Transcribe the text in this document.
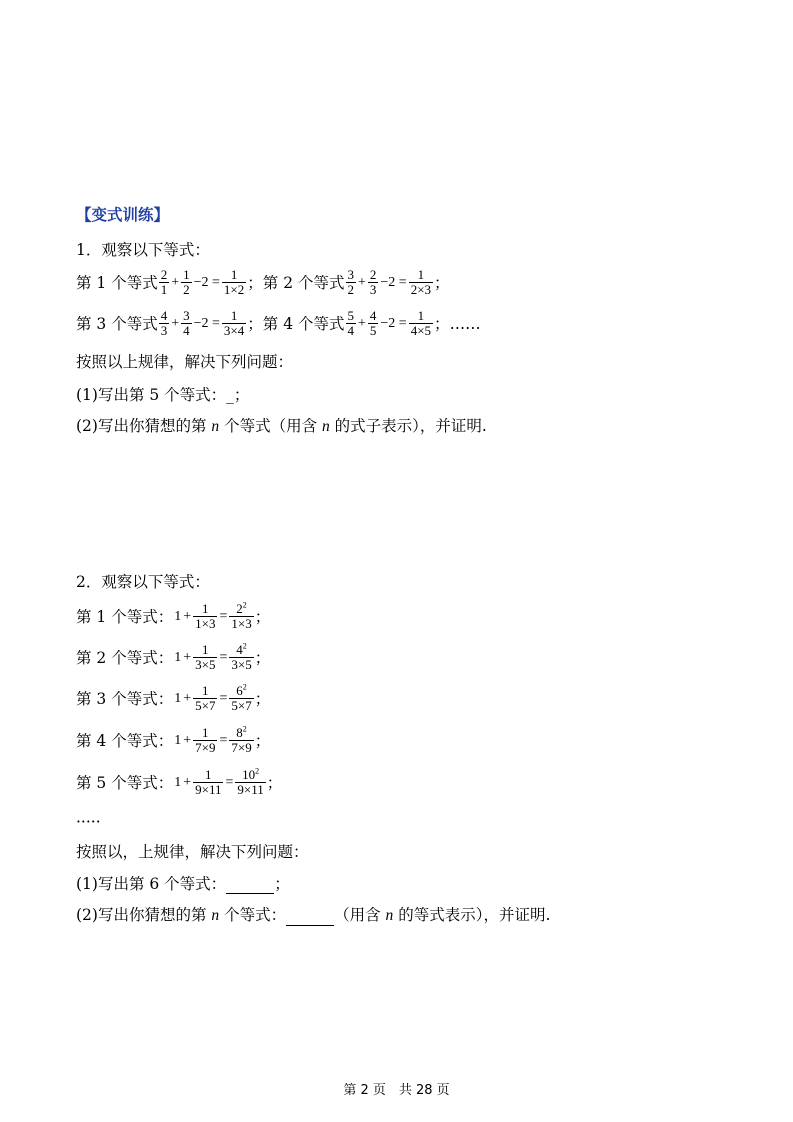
【变式训练】
1．观察以下等式：
第 1 个等式 $\frac{2}{1} + \frac{1}{2} -2 = \frac{1}{1\times 2}$ ； 第 2 个等式 $\frac{3}{2} + \frac{2}{3} -2 = \frac{1}{2\times 3}$ ；
第 3 个等式 $\frac{4}{3} + \frac{3}{4} -2 = \frac{1}{3\times 4}$ ； 第 4 个等式 $\frac{5}{4} + \frac{4}{5} -2 = \frac{1}{4\times 5}$ ； ……
按照以上规律，解决下列问题：
(1)写出第 5 个等式：_；
(2)写出你猜想的第 n 个等式（用含 n 的式子表示），并证明.
2．观察以下等式：
第 1 个等式： $1 + \frac{1}{1\times 3} = \frac{2^2}{1\times 3}$ ；
第 2 个等式： $1 + \frac{1}{3\times 5} = \frac{4^2}{3\times 5}$ ；
第 3 个等式： $1 + \frac{1}{5\times 7} = \frac{6^2}{5\times 7}$ ；
第 4 个等式： $1 + \frac{1}{7\times 9} = \frac{8^2}{7\times 9}$ ；
第 5 个等式： $1 + \frac{1}{9\times 11} = \frac{10^2}{9\times 11}$ ；
·····
按照以，上规律，解决下列问题：
(1)写出第 6 个等式：	；
(2)写出你猜想的第 n 个等式：	（用含 n 的等式表示），并证明.
第 2 页　共 28 页
